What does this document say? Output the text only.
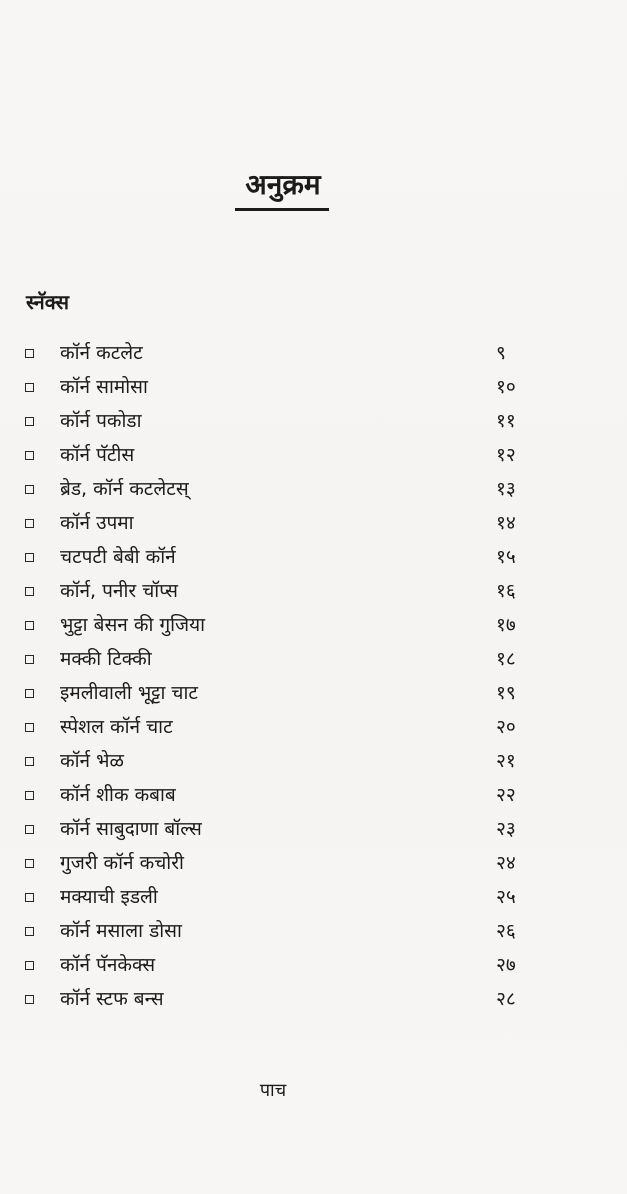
अनुक्रम
स्नॅक्स
कॉर्न कटलेट	९
कॉर्न सामोसा	१०
कॉर्न पकोडा	११
कॉर्न पॅटीस	१२
ब्रेड, कॉर्न कटलेटस्	१३
कॉर्न उपमा	१४
चटपटी बेबी कॉर्न	१५
कॉर्न, पनीर चॉप्स	१६
भुट्टा बेसन की गुजिया	१७
मक्की टिक्की	१८
इमलीवाली भूट्टा चाट	१९
स्पेशल कॉर्न चाट	२०
कॉर्न भेळ	२१
कॉर्न शीक कबाब	२२
कॉर्न साबुदाणा बॉल्स	२३
गुजरी कॉर्न कचोरी	२४
मक्याची इडली	२५
कॉर्न मसाला डोसा	२६
कॉर्न पॅनकेक्स	२७
कॉर्न स्टफ बन्स	२८

पाच
